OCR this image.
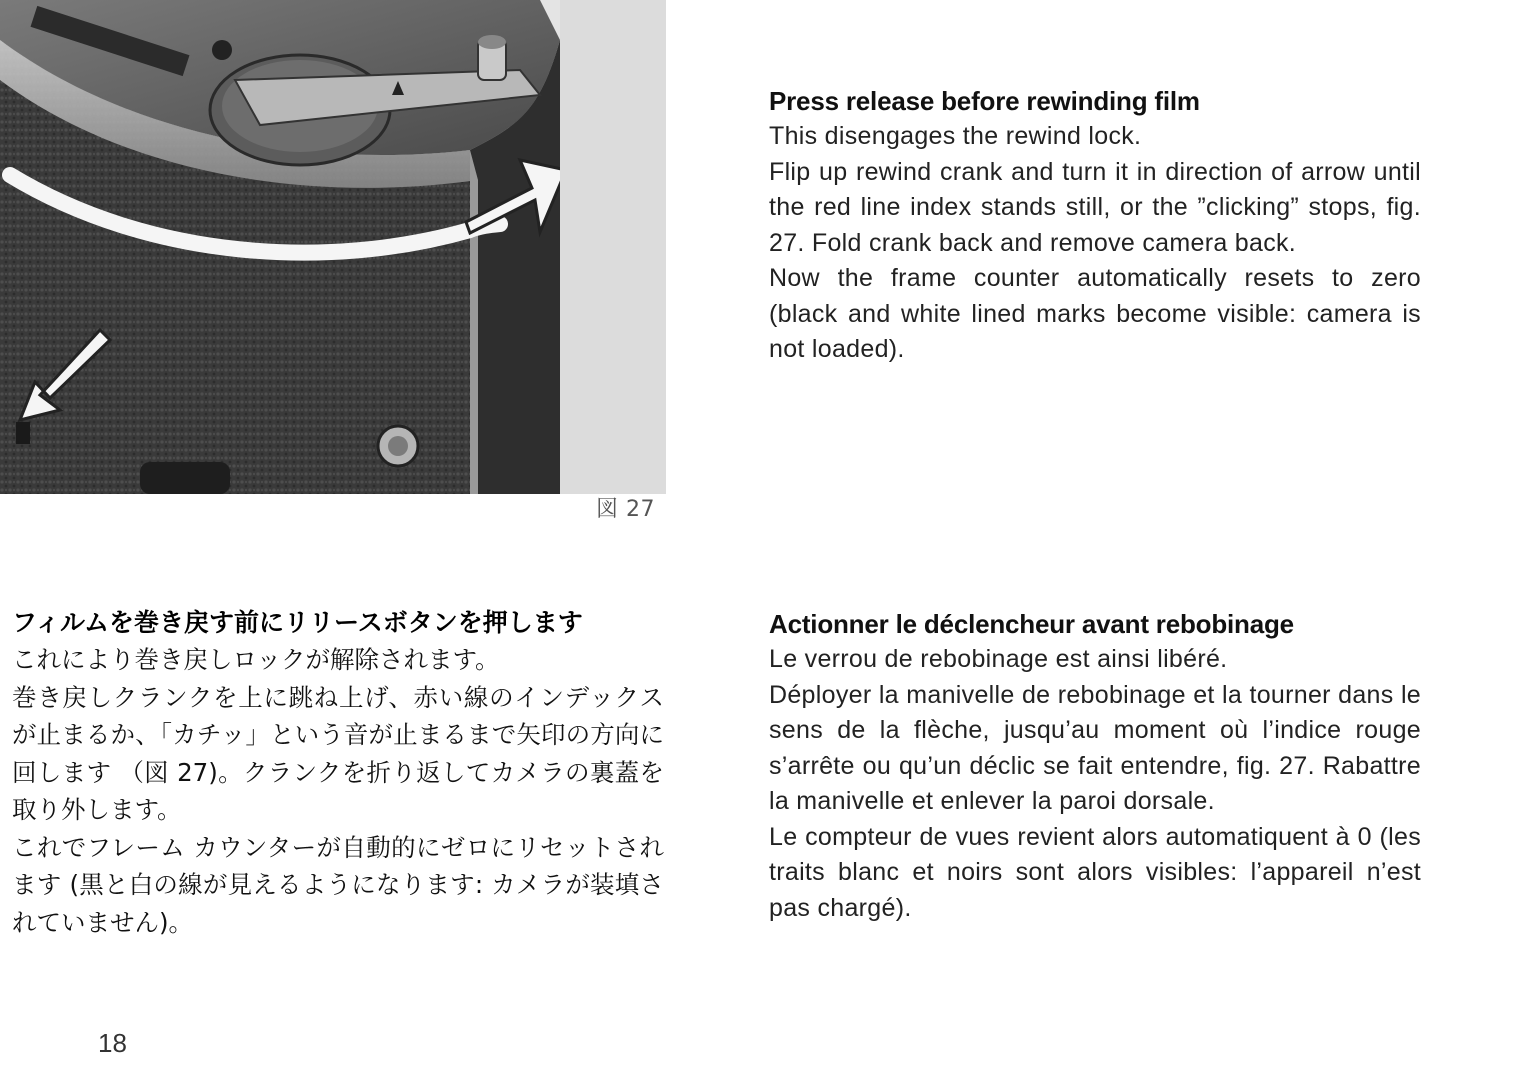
図 27
Press release before rewinding film

This disengages the rewind lock.

Flip up rewind crank and turn it in direction of arrow until the red line index stands still, or the ”clicking” stops, fig. 27. Fold crank back and remove camera back.

Now the frame counter automatically resets to zero (black and white lined marks become visible: camera is not loaded).

フィルムを巻き戻す前にリリースボタンを押します

これにより巻き戻しロックが解除されます。

巻き戻しクランクを上に跳ね上げ、赤い線のインデックスが止まるか、「カチッ」という音が止まるまで矢印の方向に回します （図 27)。クランクを折り返してカメラの裏蓋を取り外します。

これでフレーム カウンターが自動的にゼロにリセットされます (黒と白の線が見えるようになります: カメラが装填されていません)。

Actionner le déclencheur avant rebobinage

Le verrou de rebobinage est ainsi libéré.

Déployer la manivelle de rebobinage et la tourner dans le sens de la flèche, jusqu’au moment où l’indice rouge s’arrête ou qu’un déclic se fait entendre, fig. 27. Rabattre la manivelle et enlever la paroi dorsale.

Le compteur de vues revient alors automatiquent à 0 (les traits blanc et noirs sont alors visibles: l’appareil n’est pas chargé).

18
